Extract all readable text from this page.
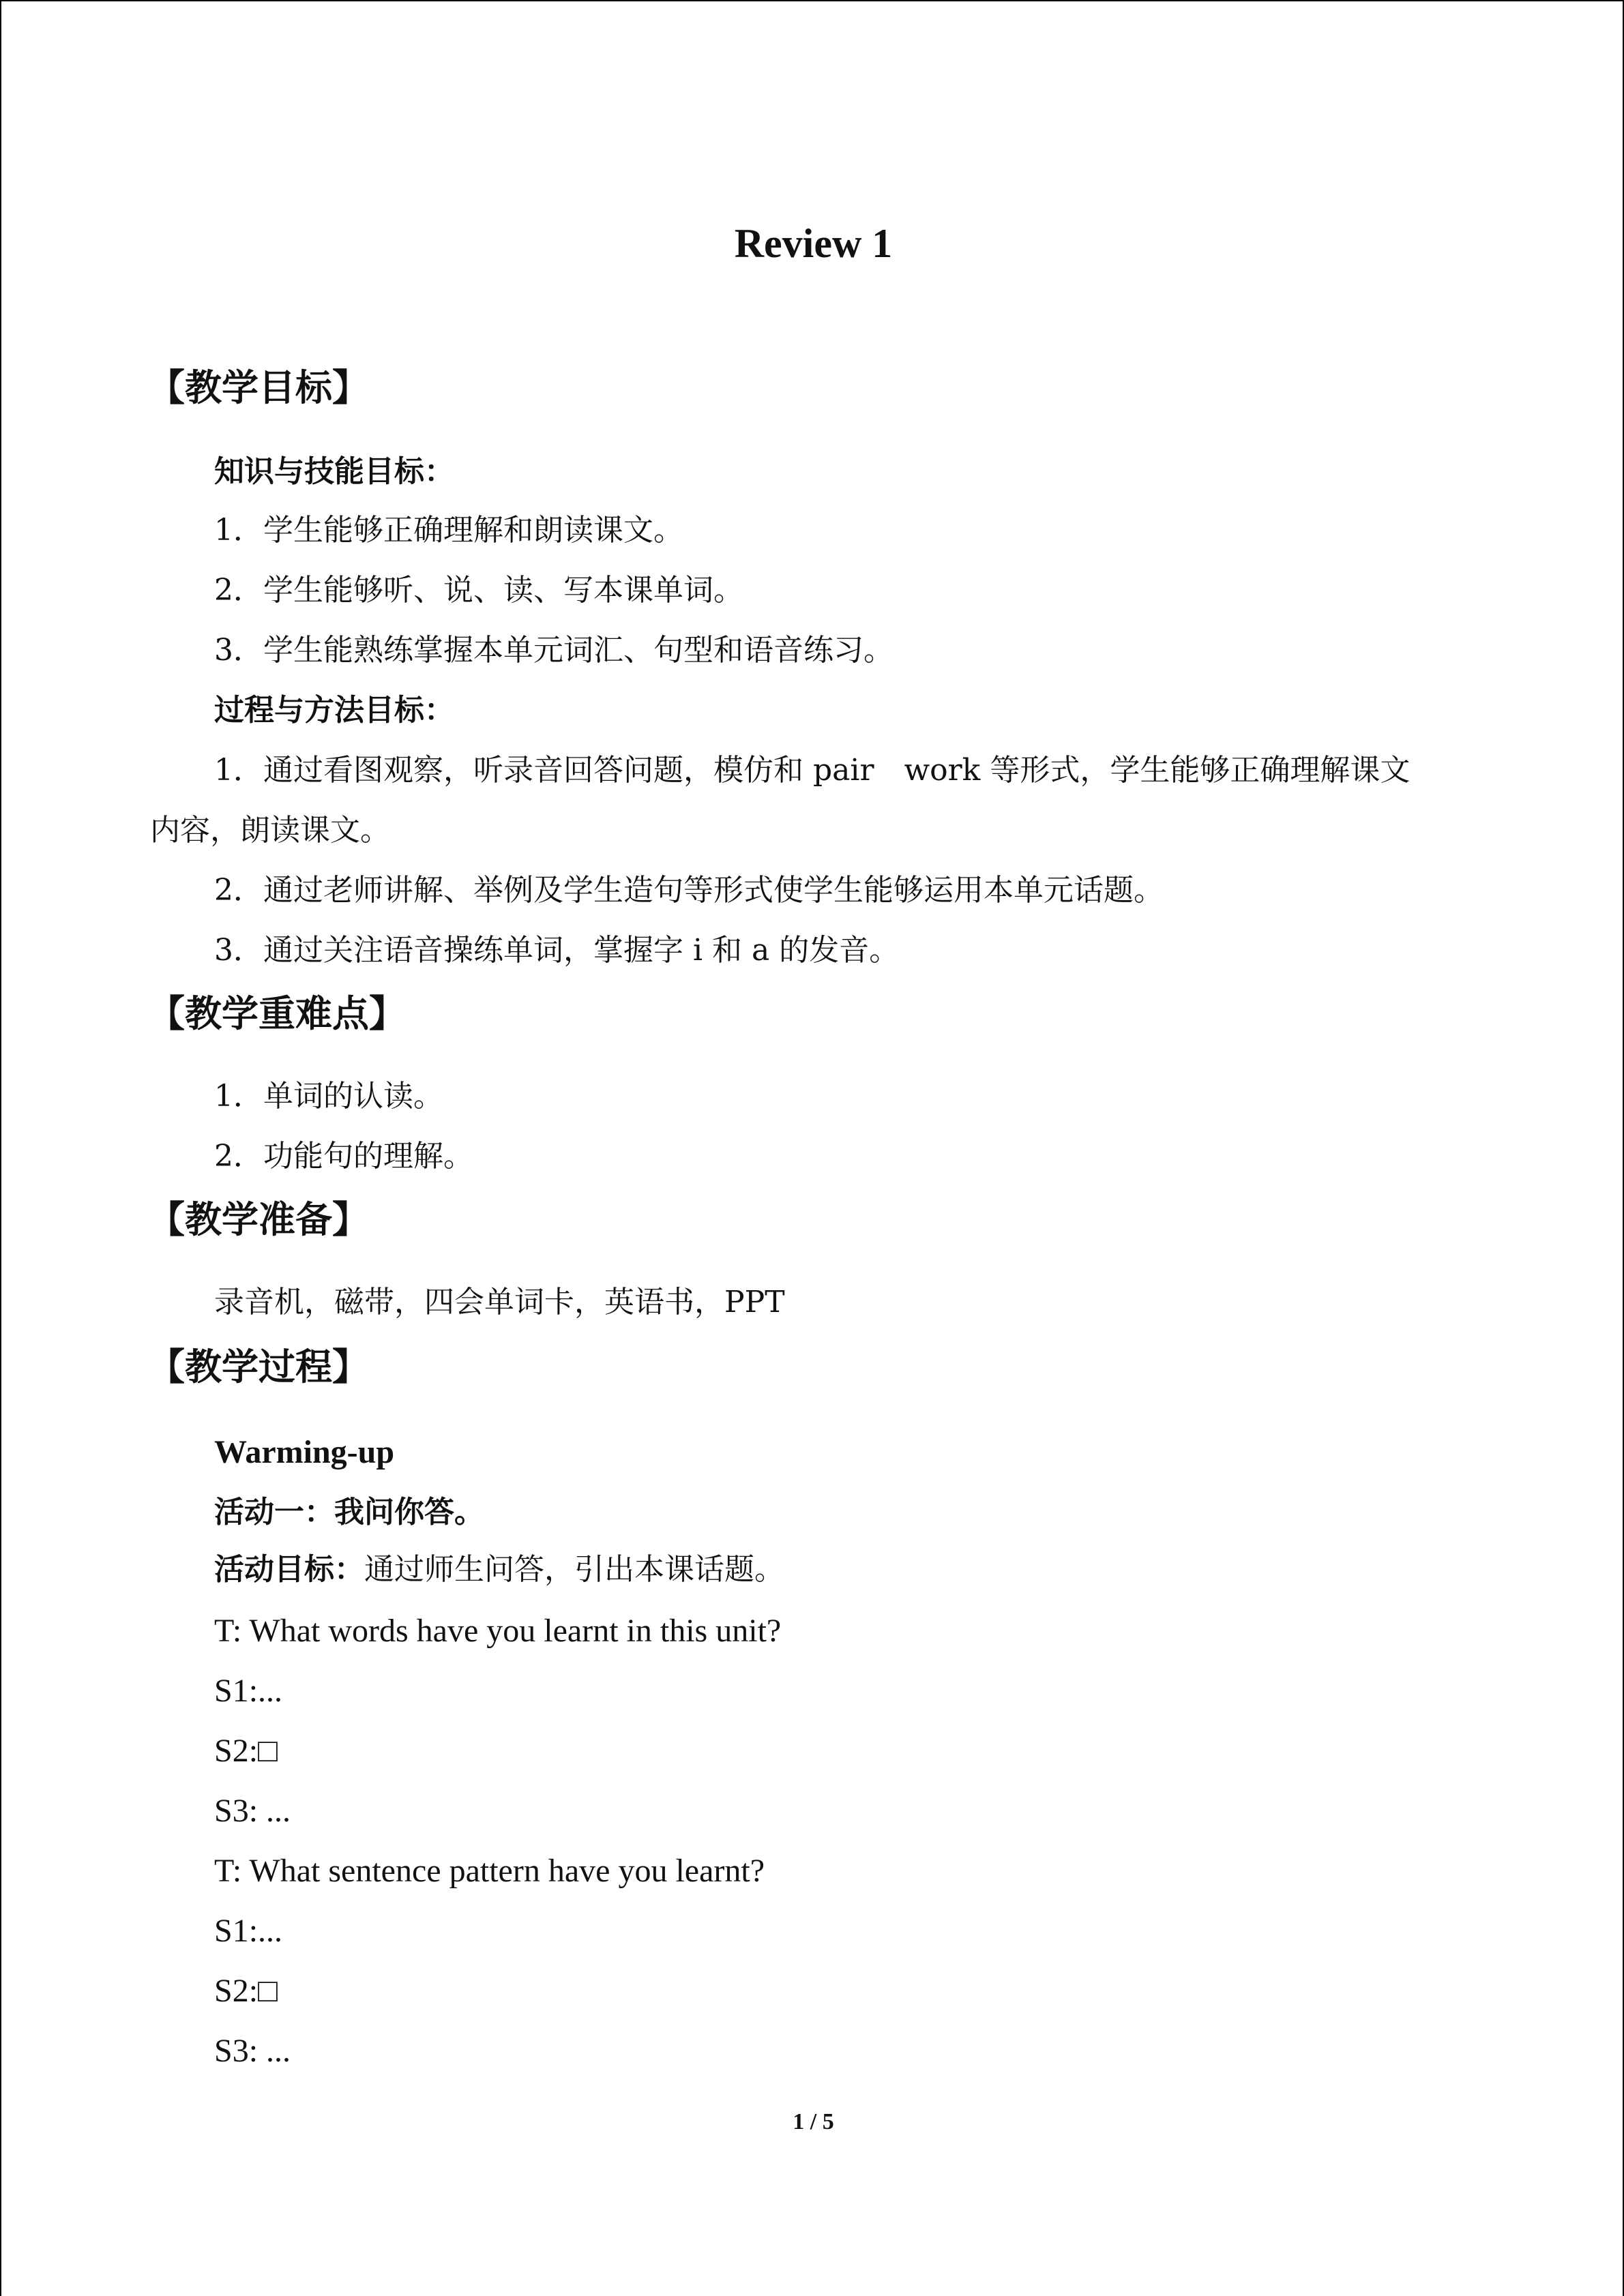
Review 1
【教学目标】
知识与技能目标：
1．学生能够正确理解和朗读课文。
2．学生能够听、说、读、写本课单词。
3．学生能熟练掌握本单元词汇、句型和语音练习。
过程与方法目标：
1．通过看图观察，听录音回答问题，模仿和 pair　work 等形式，学生能够正确理解课文
内容，朗读课文。
2．通过老师讲解、举例及学生造句等形式使学生能够运用本单元话题。
3．通过关注语音操练单词，掌握字 i 和 a 的发音。
【教学重难点】
1．单词的认读。
2．功能句的理解。
【教学准备】
录音机，磁带，四会单词卡，英语书，PPT
【教学过程】
Warming-up
活动一：我问你答。
活动目标：通过师生问答，引出本课话题。
T: What words have you learnt in this unit?
S1:...
S2:□
S3: ...
T: What sentence pattern have you learnt?
S1:...
S2:□
S3: ...
1 / 5
